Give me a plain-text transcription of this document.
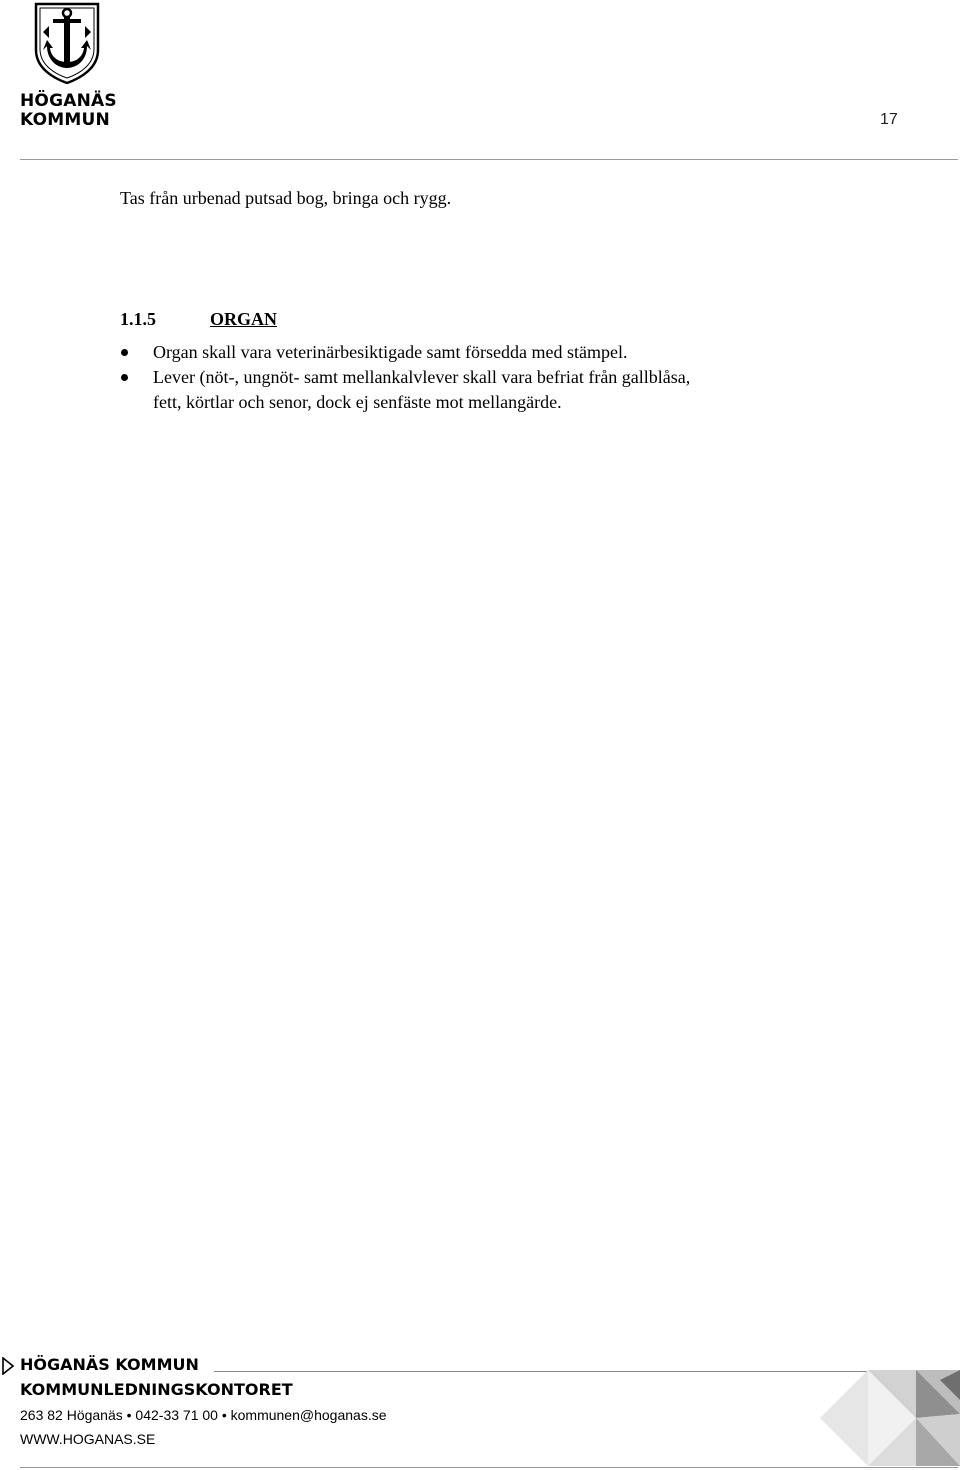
HÖGANÄS
KOMMUN	17
Tas från urbenad putsad bog, bringa och rygg.
1.1.5	ORGAN
Organ skall vara veterinärbesiktigade samt försedda med stämpel.
Lever (nöt-, ungnöt- samt mellankalvlever skall vara befriat från gallblåsa,
fett, körtlar och senor, dock ej senfäste mot mellangärde.
HÖGANÄS KOMMUN
KOMMUNLEDNINGSKONTORET
263 82 Höganäs • 042-33 71 00 • kommunen@hoganas.se
WWW.HOGANAS.SE
